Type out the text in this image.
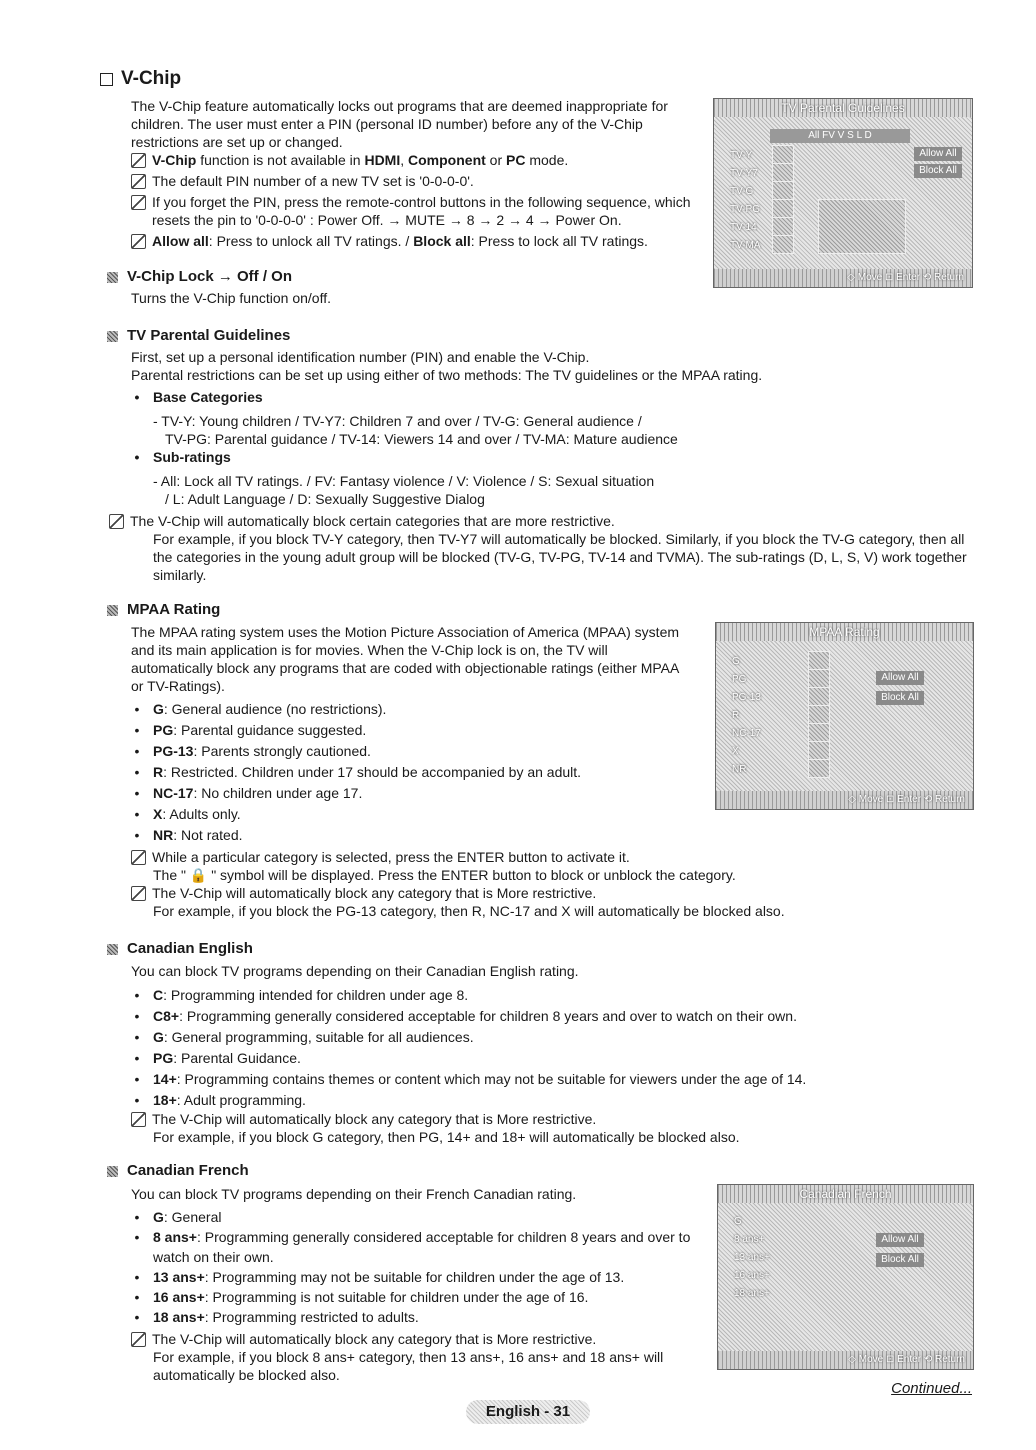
V-Chip
The V-Chip feature automatically locks out programs that are deemed inappropriate for children. The user must enter a PIN (personal ID number) before any of the V-Chip restrictions are set up or changed.
V-Chip function is not available in HDMI, Component or PC mode.
The default PIN number of a new TV set is '0-0-0-0'.
If you forget the PIN, press the remote-control buttons in the following sequence, which resets the pin to '0-0-0-0' : Power Off. → MUTE → 8 → 2 → 4 → Power On.
Allow all: Press to unlock all TV ratings. / Block all: Press to lock all TV ratings.
TV Parental Guidelines
All FV V S L D
TV-Y
TV-Y7
TV-G
TV-PG
TV-14
TV-MA
Allow All
Block All
◇ Move ⊡ Enter ⟲ Return
V-Chip Lock → Off / On
Turns the V-Chip function on/off.
TV Parental Guidelines
First, set up a personal identification number (PIN) and enable the V-Chip.
Parental restrictions can be set up using either of two methods: The TV guidelines or the MPAA rating.
• Base Categories
- TV-Y: Young children / TV-Y7: Children 7 and over / TV-G: General audience /
TV-PG: Parental guidance / TV-14: Viewers 14 and over / TV-MA: Mature audience
• Sub-ratings
- All: Lock all TV ratings. / FV: Fantasy violence / V: Violence / S: Sexual situation
/ L: Adult Language / D: Sexually Suggestive Dialog
The V-Chip will automatically block certain categories that are more restrictive.
For example, if you block TV-Y category, then TV-Y7 will automatically be blocked. Similarly, if you block the TV-G category, then all the categories in the young adult group will be blocked (TV-G, TV-PG, TV-14 and TVMA). The sub-ratings (D, L, S, V) work together similarly.
MPAA Rating
The MPAA rating system uses the Motion Picture Association of America (MPAA) system and its main application is for movies. When the V-Chip lock is on, the TV will automatically block any programs that are coded with objectionable ratings (either MPAA or TV-Ratings).
• G: General audience (no restrictions).
• PG: Parental guidance suggested.
• PG-13: Parents strongly cautioned.
• R: Restricted. Children under 17 should be accompanied by an adult.
• NC-17: No children under age 17.
• X: Adults only.
• NR: Not rated.
While a particular category is selected, press the ENTER button to activate it.
The " 🔒 " symbol will be displayed. Press the ENTER button to block or unblock the category.
The V-Chip will automatically block any category that is More restrictive.
For example, if you block the PG-13 category, then R, NC-17 and X will automatically be blocked also.
MPAA Rating
G
PG
PG-13
R
NC-17
X
NR
Allow All
Block All
◇ Move ⊡ Enter ⟲ Return
Canadian English
You can block TV programs depending on their Canadian English rating.
• C: Programming intended for children under age 8.
• C8+: Programming generally considered acceptable for children 8 years and over to watch on their own.
• G: General programming, suitable for all audiences.
• PG: Parental Guidance.
• 14+: Programming contains themes or content which may not be suitable for viewers under the age of 14.
• 18+: Adult programming.
The V-Chip will automatically block any category that is More restrictive.
For example, if you block G category, then PG, 14+ and 18+ will automatically be blocked also.
Canadian French
You can block TV programs depending on their French Canadian rating.
• G: General
• 8 ans+: Programming generally considered acceptable for children 8 years and over to watch on their own.
• 13 ans+: Programming may not be suitable for children under the age of 13.
• 16 ans+: Programming is not suitable for children under the age of 16.
• 18 ans+: Programming restricted to adults.
The V-Chip will automatically block any category that is More restrictive.
For example, if you block 8 ans+ category, then 13 ans+, 16 ans+ and 18 ans+ will automatically be blocked also.
Canadian French
G
8 ans+
13 ans+
16 ans+
18 ans+
Allow All
Block All
◇ Move ⊡ Enter ⟲ Return
Continued...
English - 31
